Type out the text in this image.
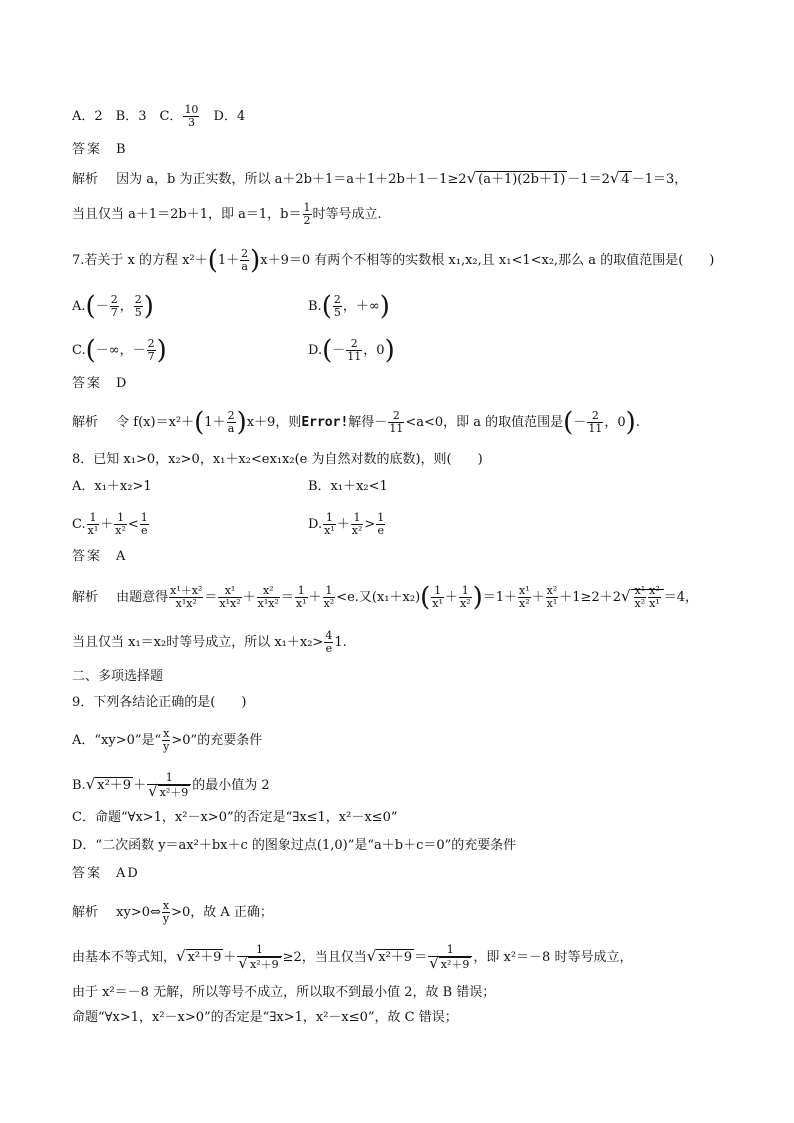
A．2　B．3　C． $\frac{10}{3}$ 　D．4
答案 B
解析 因为 a，b 为正实数，所以 a＋2b＋1＝a＋1＋2b＋1－1≥2√ (a＋1)(2b＋1) －1＝2√ 4 －1＝3，
当且仅当 a＋1＝2b＋1，即 a＝1，$b= \frac{1}{2}$ 时等号成立.
7.若关于 x 的方程 $x^2+(1+ \frac{2}{a} )x+9=0$ 有两个不相等的实数根 x₁,x₂,且 x₁<1<x₂,那么 a 的取值范围是(　　)
$A.(- \frac{2}{7}$ ， $\frac{2}{5}$ )	$B.( \frac{2}{5}$ ，＋∞)
C.(－∞，－ $\frac{2}{7}$ )	$D.(- \frac{2}{11}$ ，0)
答案 D
解析 令 $f(x)=x^2+(1+ \frac{2}{a} )x+9$，则Error!解得－ $\frac{2}{11} <a<0$，即 a 的取值范围是(－ $\frac{2}{11}$ ，0).
8．已知 x₁>0，x₂>0，x₁＋x₂<ex₁x₂(e 为自然对数的底数)，则(　　)
A．x₁＋x₂>1	B．x₁＋x₂<1
C. $\frac{1}{\text{x¹}} + \frac{1}{\text{x²}} < \frac{1}{e}$	D. $\frac{1}{\text{x¹}} + \frac{1}{\text{x²}} > \frac{1}{e}$
答案 A
解析 由题意得 $\frac{\text{x¹＋x²}}{\text{x¹x²}} = \frac{\text{x¹}}{\text{x¹x²}} + \frac{\text{x²}}{\text{x¹x²}} = \frac{1}{\text{x¹}} + \frac{1}{\text{x²}} <e$.又$(x_1+x_2)( \frac{1}{\text{x¹}} + \frac{1}{\text{x²}} )=1+ \frac{\text{x¹}}{\text{x²}} + \frac{\text{x²}}{\text{x¹}} +1\ge 2+2√ \frac{\text{x¹}}{\text{x²}} \frac{\text{x²}}{\text{x¹}} =4$，
当且仅当 x₁＝x₂时等号成立，所以 $x_1+x_2> \frac{4}{e} 1$.
二、多项选择题
9．下列各结论正确的是(　　)
A．“xy>0”是“ $\frac{x}{y} >0$”的充要条件
B.√ $x^2+9 + \frac{1}{\text{√ x²＋9}}$ 的最小值为 2
C．命题“∀x>1，x²－x>0”的否定是“∃x≤1，x²－x≤0”
D．“二次函数 y＝ax²＋bx＋c 的图象过点(1,0)”是“a＋b＋c＝0”的充要条件
答案 AD
解析 xy>0⇔ $\frac{x}{y} >0$，故 A 正确；
由基本不等式知，√ $x^2+9 + \frac{1}{\text{√ x²＋9}} \ge 2$，当且仅当√ $x^2+9 = \frac{1}{\text{√ x²＋9}}$ ，即 x²＝－8 时等号成立，
由于 x²＝－8 无解，所以等号不成立，所以取不到最小值 2，故 B 错误；
命题“∀x>1，x²－x>0”的否定是“∃x>1，x²－x≤0”，故 C 错误；
